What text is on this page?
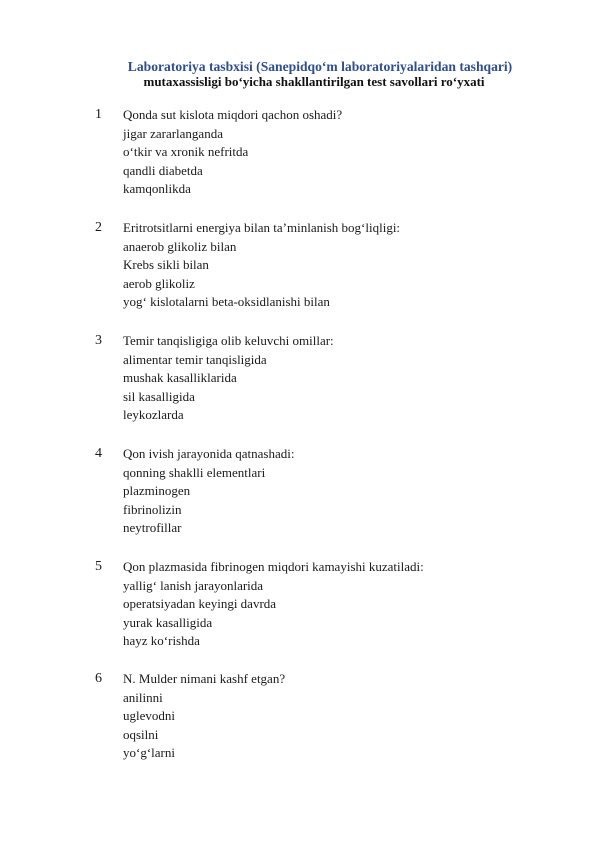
Laboratoriya tasbxisi (Sanepidqo‘m laboratoriyalaridan tashqari)
mutaxassisligi bo‘yicha shakllantirilgan test savollari ro‘yxati
1 Qonda sut kislota miqdori qachon oshadi?
jigar zararlanganda
o‘tkir va xronik nefritda
qandli diabetda
kamqonlikda
2 Eritrotsitlarni energiya bilan ta’minlanish bog‘liqligi:
anaerob glikoliz bilan
Krebs sikli bilan
aerob glikoliz
yog‘ kislotalarni beta-oksidlanishi bilan
3 Temir tanqisligiga olib keluvchi omillar:
alimentar temir tanqisligida
mushak kasalliklarida
sil kasalligida
leykozlarda
4 Qon ivish jarayonida qatnashadi:
qonning shaklli elementlari
plazminogen
fibrinolizin
neytrofillar
5 Qon plazmasida fibrinogen miqdori kamayishi kuzatiladi:
yallig‘ lanish jarayonlarida
operatsiyadan keyingi davrda
yurak kasalligida
hayz ko‘rishda
6 N. Mulder nimani kashf etgan?
anilinni
uglevodni
oqsilni
yo‘g‘larni
